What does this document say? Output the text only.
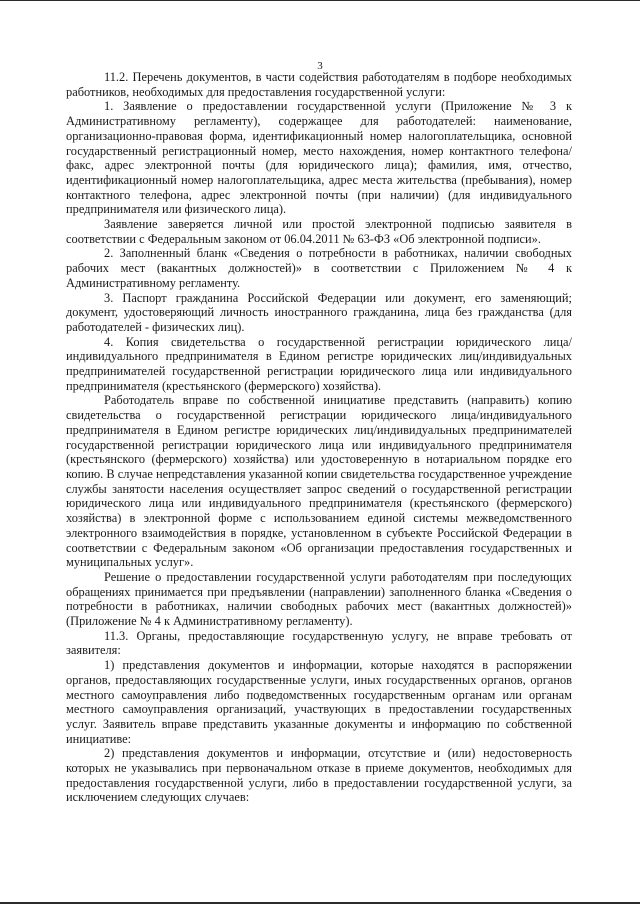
3

11.2. Перечень документов, в части содействия работодателям в подборе необходимых работников, необходимых для предоставления государственной услуги:

1. Заявление о предоставлении государственной услуги (Приложение № 3 к Административному регламенту), содержащее для работодателей: наименование, организационно-правовая форма, идентификационный номер налогоплательщика, основной государственный регистрационный номер, место нахождения, номер контактного телефона/факс, адрес электронной почты (для юридического лица); фамилия, имя, отчество, идентификационный номер налогоплательщика, адрес места жительства (пребывания), номер контактного телефона, адрес электронной почты (при наличии) (для индивидуального предпринимателя или физического лица).

Заявление заверяется личной или простой электронной подписью заявителя в соответствии с Федеральным законом от 06.04.2011 № 63-ФЗ «Об электронной подписи».

2. Заполненный бланк «Сведения о потребности в работниках, наличии свободных рабочих мест (вакантных должностей)» в соответствии с Приложением № 4 к Административному регламенту.

3. Паспорт гражданина Российской Федерации или документ, его заменяющий; документ, удостоверяющий личность иностранного гражданина, лица без гражданства (для работодателей - физических лиц).

4. Копия свидетельства о государственной регистрации юридического лица/индивидуального предпринимателя в Едином регистре юридических лиц/индивидуальных предпринимателей государственной регистрации юридического лица или индивидуального предпринимателя (крестьянского (фермерского) хозяйства).

Работодатель вправе по собственной инициативе представить (направить) копию свидетельства о государственной регистрации юридического лица/индивидуального предпринимателя в Едином регистре юридических лиц/индивидуальных предпринимателей государственной регистрации юридического лица или индивидуального предпринимателя (крестьянского (фермерского) хозяйства) или удостоверенную в нотариальном порядке его копию. В случае непредставления указанной копии свидетельства государственное учреждение службы занятости населения осуществляет запрос сведений о государственной регистрации юридического лица или индивидуального предпринимателя (крестьянского (фермерского) хозяйства) в электронной форме с использованием единой системы межведомственного электронного взаимодействия в порядке, установленном в субъекте Российской Федерации в соответствии с Федеральным законом «Об организации предоставления государственных и муниципальных услуг».

Решение о предоставлении государственной услуги работодателям при последующих обращениях принимается при предъявлении (направлении) заполненного бланка «Сведения о потребности в работниках, наличии свободных рабочих мест (вакантных должностей)» (Приложение № 4 к Административному регламенту).

11.3. Органы, предоставляющие государственную услугу, не вправе требовать от заявителя:

1) представления документов и информации, которые находятся в распоряжении органов, предоставляющих государственные услуги, иных государственных органов, органов местного самоуправления либо подведомственных государственным органам или органам местного самоуправления организаций, участвующих в предоставлении государственных услуг. Заявитель вправе представить указанные документы и информацию по собственной инициативе:

2) представления документов и информации, отсутствие и (или) недостоверность которых не указывались при первоначальном отказе в приеме документов, необходимых для предоставления государственной услуги, либо в предоставлении государственной услуги, за исключением следующих случаев:
